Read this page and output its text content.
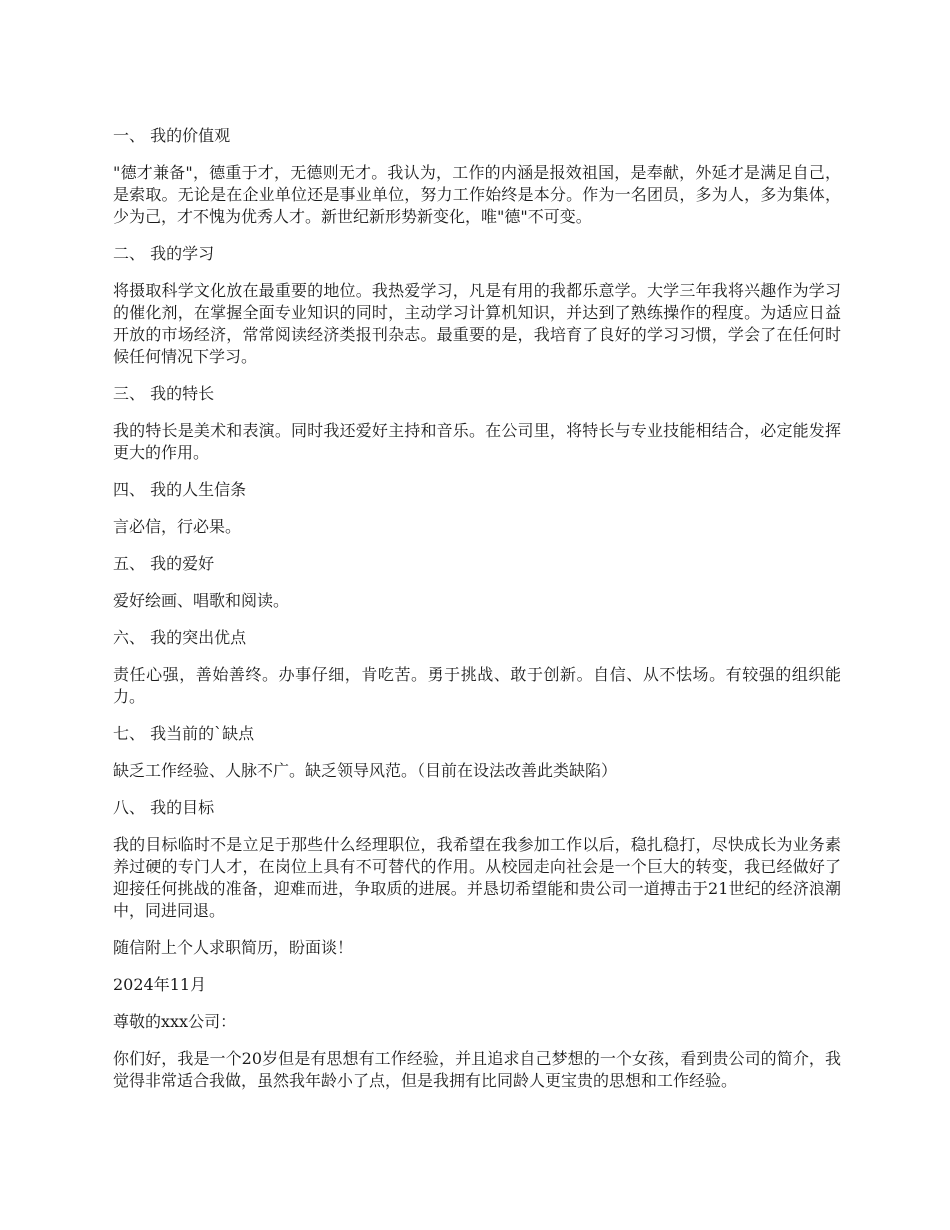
一、 我的价值观
"德才兼备"，德重于才，无德则无才。我认为，工作的内涵是报效祖国，是奉献，外延才是满足自己，是索取。无论是在企业单位还是事业单位，努力工作始终是本分。作为一名团员，多为人，多为集体，少为己，才不愧为优秀人才。新世纪新形势新变化，唯"德"不可变。
二、 我的学习
将摄取科学文化放在最重要的地位。我热爱学习，凡是有用的我都乐意学。大学三年我将兴趣作为学习的催化剂，在掌握全面专业知识的同时，主动学习计算机知识，并达到了熟练操作的程度。为适应日益开放的市场经济，常常阅读经济类报刊杂志。最重要的是，我培育了良好的学习习惯，学会了在任何时候任何情况下学习。
三、 我的特长
我的特长是美术和表演。同时我还爱好主持和音乐。在公司里，将特长与专业技能相结合，必定能发挥更大的作用。
四、 我的人生信条
言必信，行必果。
五、 我的爱好
爱好绘画、唱歌和阅读。
六、 我的突出优点
责任心强，善始善终。办事仔细，肯吃苦。勇于挑战、敢于创新。自信、从不怯场。有较强的组织能力。
七、 我当前的`缺点
缺乏工作经验、人脉不广。缺乏领导风范。（目前在设法改善此类缺陷）
八、 我的目标
我的目标临时不是立足于那些什么经理职位，我希望在我参加工作以后，稳扎稳打，尽快成长为业务素养过硬的专门人才，在岗位上具有不可替代的作用。从校园走向社会是一个巨大的转变，我已经做好了迎接任何挑战的准备，迎难而进，争取质的进展。并恳切希望能和贵公司一道搏击于21世纪的经济浪潮中，同进同退。
随信附上个人求职简历，盼面谈！
2024年11月
尊敬的xxx公司：
你们好，我是一个20岁但是有思想有工作经验，并且追求自己梦想的一个女孩，看到贵公司的简介，我觉得非常适合我做，虽然我年龄小了点，但是我拥有比同龄人更宝贵的思想和工作经验。
